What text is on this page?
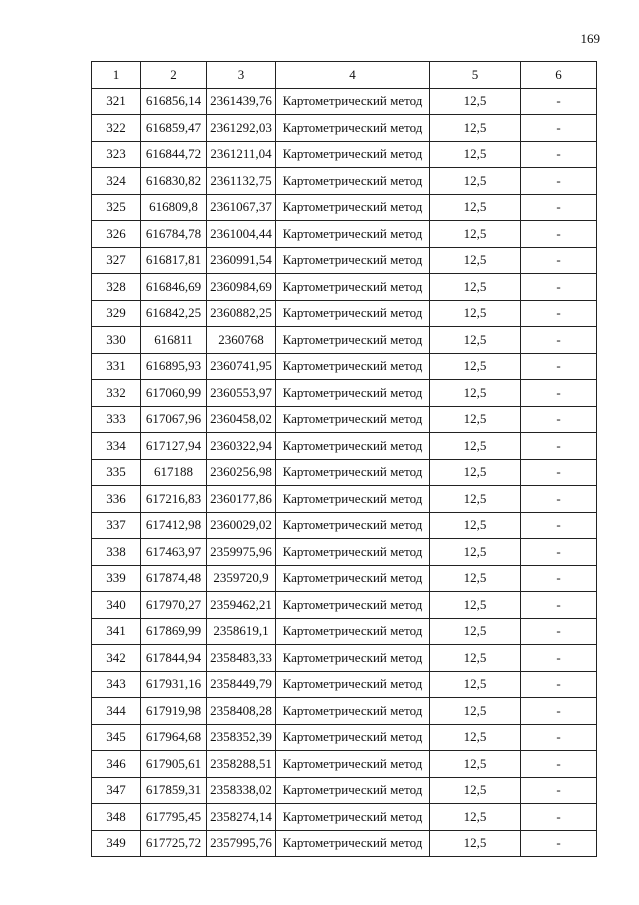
169
1	2	3	4	5	6
321	616856,14	2361439,76	Картометрический метод	12,5	-
322	616859,47	2361292,03	Картометрический метод	12,5	-
323	616844,72	2361211,04	Картометрический метод	12,5	-
324	616830,82	2361132,75	Картометрический метод	12,5	-
325	616809,8	2361067,37	Картометрический метод	12,5	-
326	616784,78	2361004,44	Картометрический метод	12,5	-
327	616817,81	2360991,54	Картометрический метод	12,5	-
328	616846,69	2360984,69	Картометрический метод	12,5	-
329	616842,25	2360882,25	Картометрический метод	12,5	-
330	616811	2360768	Картометрический метод	12,5	-
331	616895,93	2360741,95	Картометрический метод	12,5	-
332	617060,99	2360553,97	Картометрический метод	12,5	-
333	617067,96	2360458,02	Картометрический метод	12,5	-
334	617127,94	2360322,94	Картометрический метод	12,5	-
335	617188	2360256,98	Картометрический метод	12,5	-
336	617216,83	2360177,86	Картометрический метод	12,5	-
337	617412,98	2360029,02	Картометрический метод	12,5	-
338	617463,97	2359975,96	Картометрический метод	12,5	-
339	617874,48	2359720,9	Картометрический метод	12,5	-
340	617970,27	2359462,21	Картометрический метод	12,5	-
341	617869,99	2358619,1	Картометрический метод	12,5	-
342	617844,94	2358483,33	Картометрический метод	12,5	-
343	617931,16	2358449,79	Картометрический метод	12,5	-
344	617919,98	2358408,28	Картометрический метод	12,5	-
345	617964,68	2358352,39	Картометрический метод	12,5	-
346	617905,61	2358288,51	Картометрический метод	12,5	-
347	617859,31	2358338,02	Картометрический метод	12,5	-
348	617795,45	2358274,14	Картометрический метод	12,5	-
349	617725,72	2357995,76	Картометрический метод	12,5	-
